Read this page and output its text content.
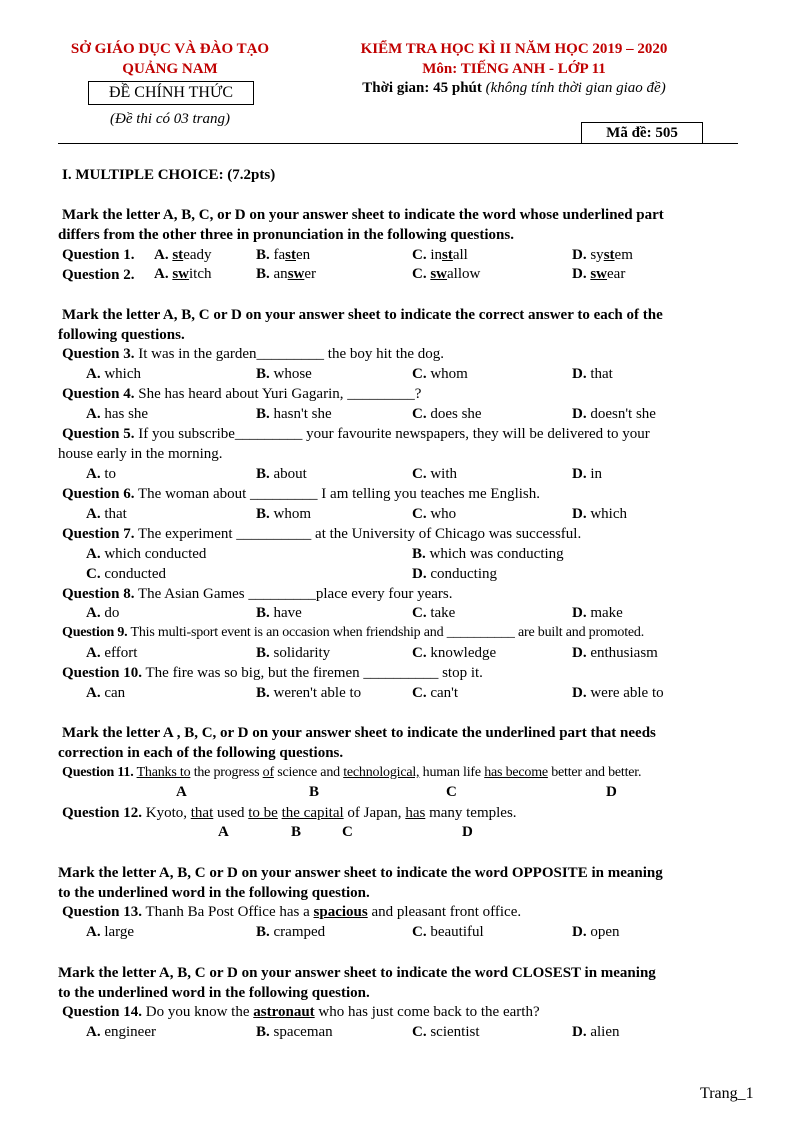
SỞ GIÁO DỤC VÀ ĐÀO TẠO
QUẢNG NAM
ĐỀ CHÍNH THỨC
(Đề thi có 03 trang)
KIỂM TRA HỌC KÌ II NĂM HỌC 2019 – 2020
Môn: TIẾNG ANH - LỚP 11
Thời gian: 45 phút (không tính thời gian giao đề)
Mã đề: 505
I. MULTIPLE CHOICE: (7.2pts)
Mark the letter A, B, C, or D on your answer sheet to indicate the word whose underlined part
differs from the other three in pronunciation in the following questions.
Question 1. A. steady	B. fasten	C. install	D. system
Question 2. A. switch	B. answer	C. swallow	D. swear
Mark the letter A, B, C or D on your answer sheet to indicate the correct answer to each of the
following questions.
Question 3. It was in the garden_________ the boy hit the dog.
A. which	B. whose	C. whom	D. that
Question 4. She has heard about Yuri Gagarin, _________?
A. has she	B. hasn't she	C. does she	D. doesn't she
Question 5. If you subscribe_________ your favourite newspapers, they will be delivered to your
house early in the morning.
A. to	B. about	C. with	D. in
Question 6. The woman about _________ I am telling you teaches me English.
A. that	B. whom	C. who	D. which
Question 7. The experiment __________ at the University of Chicago was successful.
A. which conducted	B. which was conducting
C. conducted	D. conducting
Question 8. The Asian Games _________place every four years.
A. do	B. have	C. take	D. make
Question 9. This multi-sport event is an occasion when friendship and __________ are built and promoted.
A. effort	B. solidarity	C. knowledge	D. enthusiasm
Question 10. The fire was so big, but the firemen __________ stop it.
A. can	B. weren't able to	C. can't	D. were able to
Mark the letter A , B, C, or D on your answer sheet to indicate the underlined part that needs
correction in each of the following questions.
Question 11. Thanks to the progress of science and technological, human life has become better and better.
A	B	C	D
Question 12. Kyoto, that used to be the capital of Japan, has many temples.
A	B	C	D
Mark the letter A, B, C or D on your answer sheet to indicate the word OPPOSITE in meaning
to the underlined word in the following question.
Question 13. Thanh Ba Post Office has a spacious and pleasant front office.
A. large	B. cramped	C. beautiful	D. open
Mark the letter A, B, C or D on your answer sheet to indicate the word CLOSEST in meaning
to the underlined word in the following question.
Question 14. Do you know the astronaut who has just come back to the earth?
A. engineer	B. spaceman	C. scientist	D. alien
Trang_1
